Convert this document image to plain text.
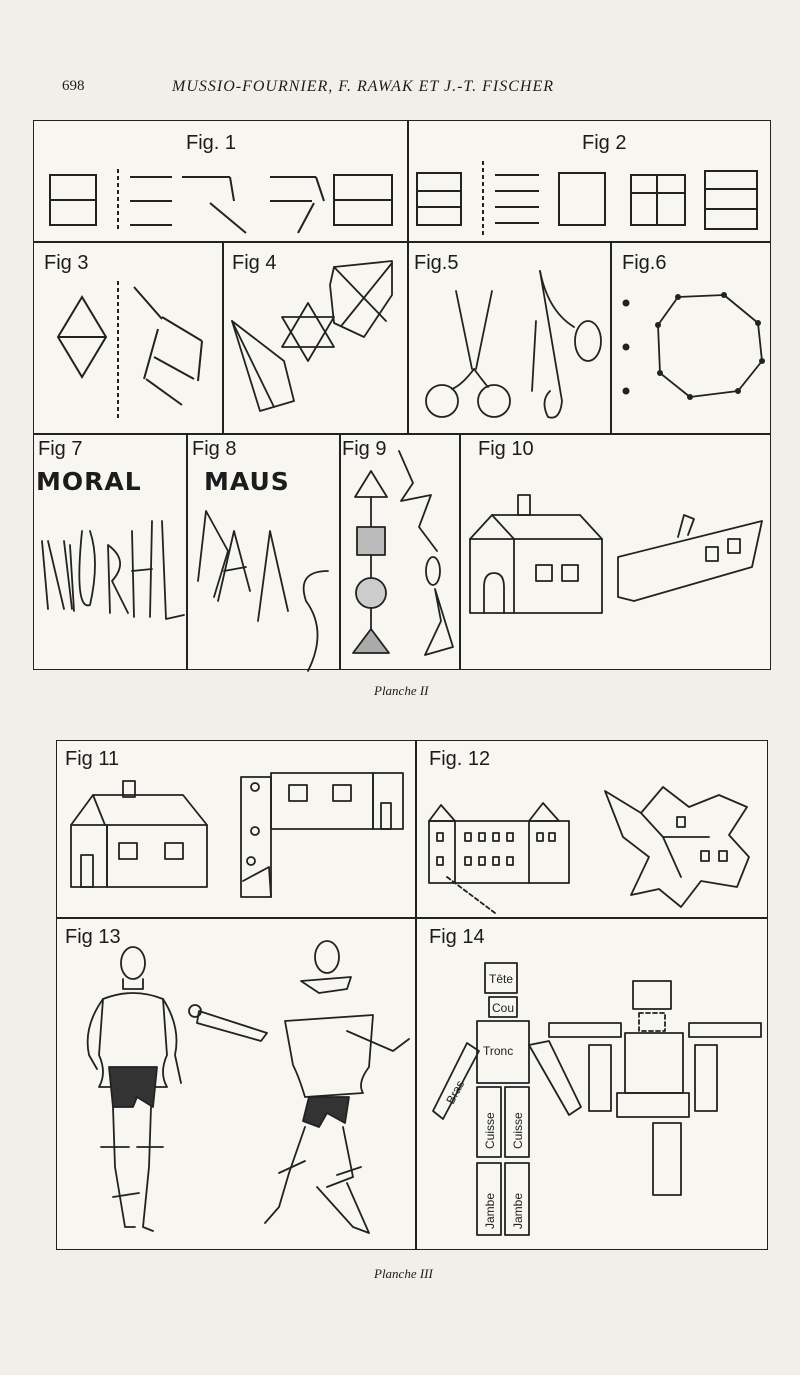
698	MUSSIO-FOURNIER, F. RAWAK ET J.-T. FISCHER
Fig. 1	Fig 2
Fig 3	Fig 4	Fig.5	Fig.6
Fig 7	Fig 8	Fig 9	Fig 10
MORAL MAUS
Planche II
Fig 11	Fig. 12
Fig 13	Fig 14
Tête
Cou
Tronc
Bras
Cuisse Cuisse
Jambe Jambe
Planche III
